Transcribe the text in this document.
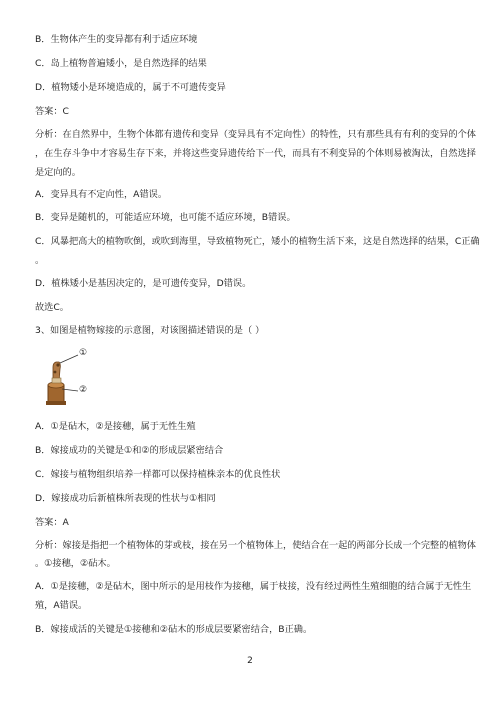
B．生物体产生的变异都有利于适应环境
C．岛上植物普遍矮小，是自然选择的结果
D．植物矮小是环境造成的，属于不可遗传变异
答案：C
分析：在自然界中，生物个体都有遗传和变异（变异具有不定向性）的特性，只有那些具有有利的变异的个体
，在生存斗争中才容易生存下来，并将这些变异遗传给下一代，而具有不利变异的个体则易被淘汰，自然选择
是定向的。
A．变异具有不定向性，A错误。
B．变异是随机的，可能适应环境，也可能不适应环境，B错误。
C．风暴把高大的植物吹倒，或吹到海里，导致植物死亡，矮小的植物生活下来，这是自然选择的结果，C正确
。
D．植株矮小是基因决定的，是可遗传变异，D错误。
故选C。
3、如图是植物嫁接的示意图，对该图描述错误的是（ ）
①
②
A．①是砧木，②是接穗，属于无性生殖
B．嫁接成功的关键是①和②的形成层紧密结合
C．嫁接与植物组织培养一样都可以保持植株亲本的优良性状
D．嫁接成功后新植株所表现的性状与①相同
答案：A
分析：嫁接是指把一个植物体的芽或枝，接在另一个植物体上，使结合在一起的两部分长成一个完整的植物体
。①接穗，②砧木。
A．①是接穗，②是砧木，图中所示的是用枝作为接穗，属于枝接，没有经过两性生殖细胞的结合属于无性生
殖，A错误。
B．嫁接成活的关键是①接穗和②砧木的形成层要紧密结合，B正确。
2
